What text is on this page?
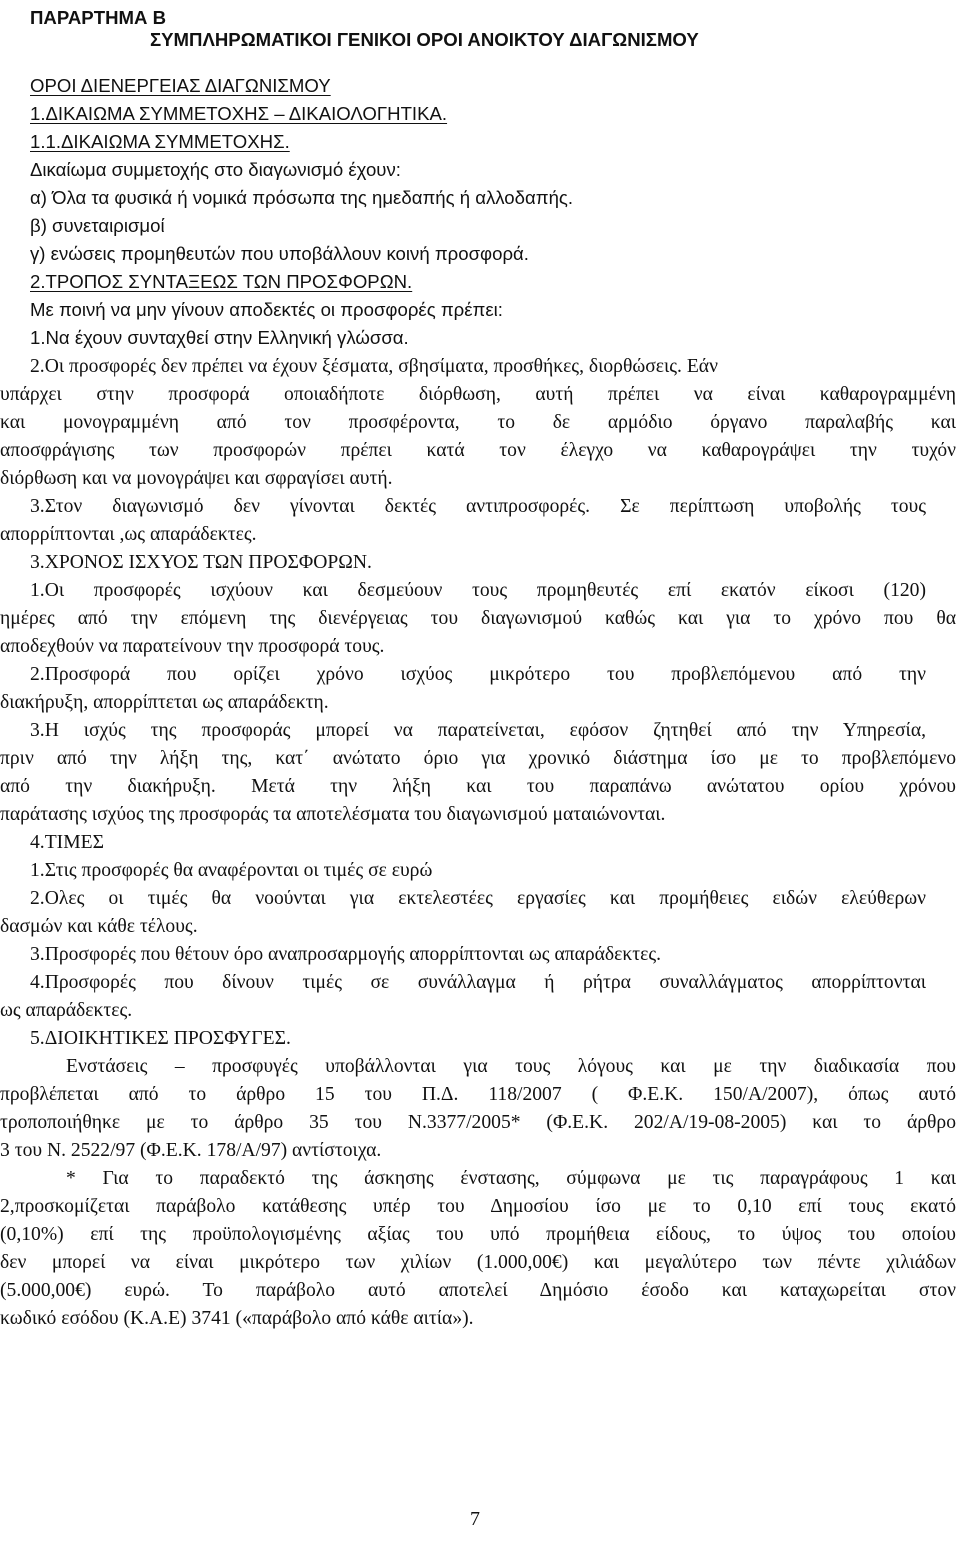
ΠΑΡΑΡΤΗΜΑ Β
ΣΥΜΠΛΗΡΩΜΑΤΙΚΟΙ ΓΕΝΙΚΟΙ ΟΡΟΙ ΑΝΟΙΚΤΟΥ ΔΙΑΓΩΝΙΣΜΟΥ
ΟΡΟΙ ΔΙΕΝΕΡΓΕΙΑΣ ΔΙΑΓΩΝΙΣΜΟΥ
1.ΔΙΚΑΙΩΜΑ ΣΥΜΜΕΤΟΧΗΣ – ΔΙΚΑΙΟΛΟΓΗΤΙΚΑ.
1.1.ΔΙΚΑΙΩΜΑ ΣΥΜΜΕΤΟΧΗΣ.
Δικαίωμα συμμετοχής στο διαγωνισμό έχουν:
α) Όλα τα φυσικά ή νομικά πρόσωπα της ημεδαπής ή αλλοδαπής.
β) συνεταιρισμοί
γ) ενώσεις προμηθευτών που υποβάλλουν κοινή προσφορά.
2.ΤΡΟΠΟΣ ΣΥΝΤΑΞΕΩΣ ΤΩΝ ΠΡΟΣΦΟΡΩΝ.
Με ποινή να μην γίνουν αποδεκτές οι προσφορές πρέπει:
1.Να έχουν συνταχθεί στην Ελληνική γλώσσα.
2.Οι προσφορές δεν πρέπει να έχουν ξέσματα, σβησίματα, προσθήκες, διορθώσεις. Εάν
υπάρχει στην προσφορά οποιαδήποτε διόρθωση, αυτή πρέπει να είναι καθαρογραμμένη
και μονογραμμένη από τον προσφέροντα, το δε αρμόδιο όργανο παραλαβής και
αποσφράγισης των προσφορών πρέπει κατά τον έλεγχο να καθαρογράψει την τυχόν
διόρθωση και να μονογράψει και σφραγίσει αυτή.
3.Στον διαγωνισμό δεν γίνονται δεκτές αντιπροσφορές. Σε περίπτωση υποβολής τους
απορρίπτονται ,ως απαράδεκτες.
3.ΧΡΟΝΟΣ ΙΣΧΥΟΣ ΤΩΝ ΠΡΟΣΦΟΡΩΝ.
1.Οι προσφορές ισχύουν και δεσμεύουν τους προμηθευτές επί εκατόν είκοσι (120)
ημέρες από την επόμενη της διενέργειας του διαγωνισμού καθώς και για το χρόνο που θα
αποδεχθούν να παρατείνουν την προσφορά τους.
2.Προσφορά που ορίζει χρόνο ισχύος μικρότερο του προβλεπόμενου από την
διακήρυξη, απορρίπτεται ως απαράδεκτη.
3.Η ισχύς της προσφοράς μπορεί να παρατείνεται, εφόσον ζητηθεί από την Υπηρεσία,
πριν από την λήξη της, κατ΄ ανώτατο όριο για χρονικό διάστημα ίσο με το προβλεπόμενο
από την διακήρυξη. Μετά την λήξη και του παραπάνω ανώτατου ορίου χρόνου
παράτασης ισχύος της προσφοράς τα αποτελέσματα του διαγωνισμού ματαιώνονται.
4.ΤΙΜΕΣ
1.Στις προσφορές θα αναφέρονται οι τιμές σε ευρώ
2.Ολες οι τιμές θα νοούνται για εκτελεστέες εργασίες και προμήθειες ειδών ελεύθερων
δασμών και κάθε τέλους.
3.Προσφορές που θέτουν όρο αναπροσαρμογής απορρίπτονται ως απαράδεκτες.
4.Προσφορές που δίνουν τιμές σε συνάλλαγμα ή ρήτρα συναλλάγματος απορρίπτονται
ως απαράδεκτες.
5.ΔΙΟΙΚΗΤΙΚΕΣ ΠΡΟΣΦΥΓΕΣ.
Ενστάσεις – προσφυγές υποβάλλονται για τους λόγους και με την διαδικασία που
προβλέπεται από το άρθρο 15 του Π.Δ. 118/2007 ( Φ.Ε.Κ. 150/Α/2007), όπως αυτό
τροποποιήθηκε με το άρθρο 35 του Ν.3377/2005* (Φ.Ε.Κ. 202/Α/19-08-2005) και το άρθρο
3 του Ν. 2522/97 (Φ.Ε.Κ. 178/Α/97) αντίστοιχα.
* Για το παραδεκτό της άσκησης ένστασης, σύμφωνα με τις παραγράφους 1 και
2,προσκομίζεται παράβολο κατάθεσης υπέρ του Δημοσίου ίσο με το 0,10 επί τους εκατό
(0,10%) επί της προϋπολογισμένης αξίας του υπό προμήθεια είδους, το ύψος του οποίου
δεν μπορεί να είναι μικρότερο των χιλίων (1.000,00€) και μεγαλύτερο των πέντε χιλιάδων
(5.000,00€) ευρώ. Το παράβολο αυτό αποτελεί Δημόσιο έσοδο και καταχωρείται στον
κωδικό εσόδου (Κ.Α.Ε) 3741 («παράβολο από κάθε αιτία»).
7
